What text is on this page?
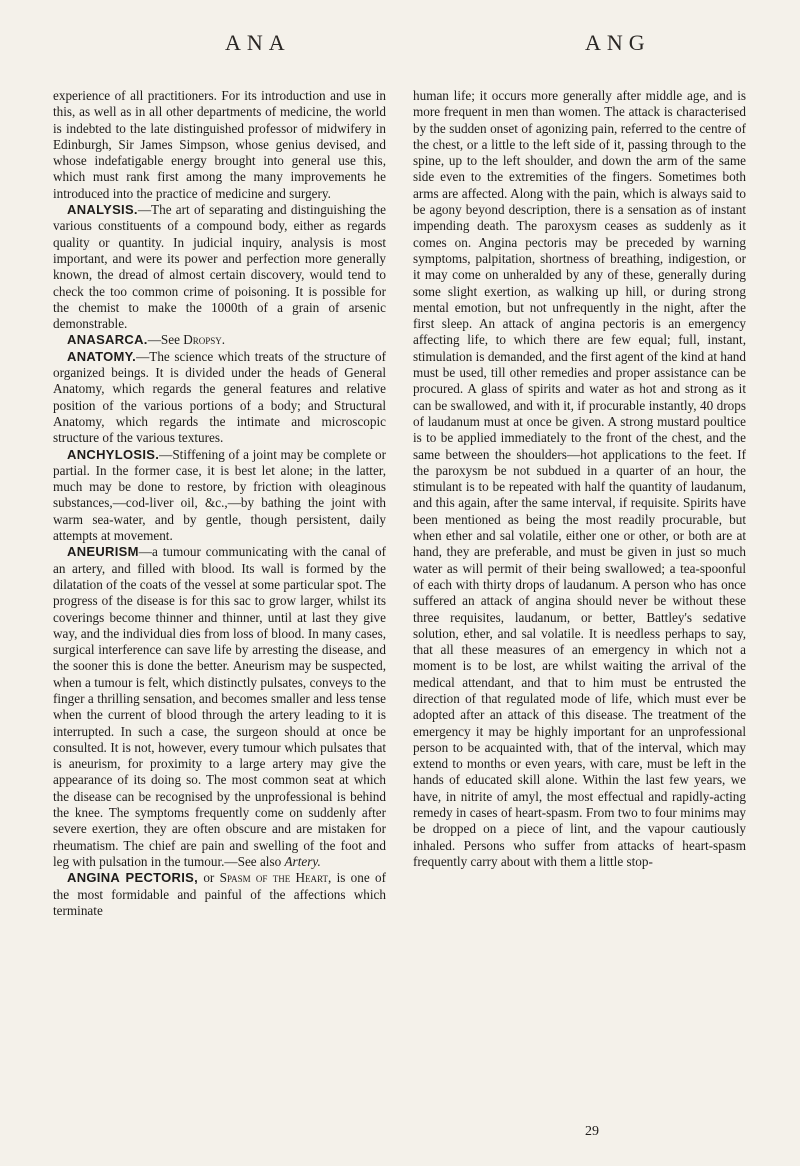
ANA	ANG

experience of all practitioners. For its introduction and use in this, as well as in all other departments of medicine, the world is indebted to the late distinguished professor of midwifery in Edinburgh, Sir James Simpson, whose genius devised, and whose indefatigable energy brought into general use this, which must rank first among the many improvements he introduced into the practice of medicine and surgery.

ANALYSIS.—The art of separating and distinguishing the various constituents of a compound body, either as regards quality or quantity. In judicial inquiry, analysis is most important, and were its power and perfection more generally known, the dread of almost certain discovery, would tend to check the too common crime of poisoning. It is possible for the chemist to make the 1000th of a grain of arsenic demonstrable.

ANASARCA.—See Dropsy.

ANATOMY.—The science which treats of the structure of organized beings. It is divided under the heads of General Anatomy, which regards the general features and relative position of the various portions of a body; and Structural Anatomy, which regards the intimate and microscopic structure of the various textures.

ANCHYLOSIS.—Stiffening of a joint may be complete or partial. In the former case, it is best let alone; in the latter, much may be done to restore, by friction with oleaginous substances,—cod-liver oil, &c.,—by bathing the joint with warm sea-water, and by gentle, though persistent, daily attempts at movement.

ANEURISM—a tumour communicating with the canal of an artery, and filled with blood. Its wall is formed by the dilatation of the coats of the vessel at some particular spot. The progress of the disease is for this sac to grow larger, whilst its coverings become thinner and thinner, until at last they give way, and the individual dies from loss of blood. In many cases, surgical interference can save life by arresting the disease, and the sooner this is done the better. Aneurism may be suspected, when a tumour is felt, which distinctly pulsates, conveys to the finger a thrilling sensation, and becomes smaller and less tense when the current of blood through the artery leading to it is interrupted. In such a case, the surgeon should at once be consulted. It is not, however, every tumour which pulsates that is aneurism, for proximity to a large artery may give the appearance of its doing so. The most common seat at which the disease can be recognised by the unprofessional is behind the knee. The symptoms frequently come on suddenly after severe exertion, they are often obscure and are mistaken for rheumatism. The chief are pain and swelling of the foot and leg with pulsation in the tumour.—See also Artery.

ANGINA PECTORIS, or Spasm of the Heart, is one of the most formidable and painful of the affections which terminate

human life; it occurs more generally after middle age, and is more frequent in men than women. The attack is characterised by the sudden onset of agonizing pain, referred to the centre of the chest, or a little to the left side of it, passing through to the spine, up to the left shoulder, and down the arm of the same side even to the extremities of the fingers. Sometimes both arms are affected. Along with the pain, which is always said to be agony beyond description, there is a sensation as of instant impending death. The paroxysm ceases as suddenly as it comes on. Angina pectoris may be preceded by warning symptoms, palpitation, shortness of breathing, indigestion, or it may come on unheralded by any of these, generally during some slight exertion, as walking up hill, or during strong mental emotion, but not unfrequently in the night, after the first sleep. An attack of angina pectoris is an emergency affecting life, to which there are few equal; full, instant, stimulation is demanded, and the first agent of the kind at hand must be used, till other remedies and proper assistance can be procured. A glass of spirits and water as hot and strong as it can be swallowed, and with it, if procurable instantly, 40 drops of laudanum must at once be given. A strong mustard poultice is to be applied immediately to the front of the chest, and the same between the shoulders—hot applications to the feet. If the paroxysm be not subdued in a quarter of an hour, the stimulant is to be repeated with half the quantity of laudanum, and this again, after the same interval, if requisite. Spirits have been mentioned as being the most readily procurable, but when ether and sal volatile, either one or other, or both are at hand, they are preferable, and must be given in just so much water as will permit of their being swallowed; a tea-spoonful of each with thirty drops of laudanum. A person who has once suffered an attack of angina should never be without these three requisites, laudanum, or better, Battley's sedative solution, ether, and sal volatile. It is needless perhaps to say, that all these measures of an emergency in which not a moment is to be lost, are whilst waiting the arrival of the medical attendant, and that to him must be entrusted the direction of that regulated mode of life, which must ever be adopted after an attack of this disease. The treatment of the emergency it may be highly important for an unprofessional person to be acquainted with, that of the interval, which may extend to months or even years, with care, must be left in the hands of educated skill alone. Within the last few years, we have, in nitrite of amyl, the most effectual and rapidly-acting remedy in cases of heart-spasm. From two to four minims may be dropped on a piece of lint, and the vapour cautiously inhaled. Persons who suffer from attacks of heart-spasm frequently carry about with them a little stop-

29
